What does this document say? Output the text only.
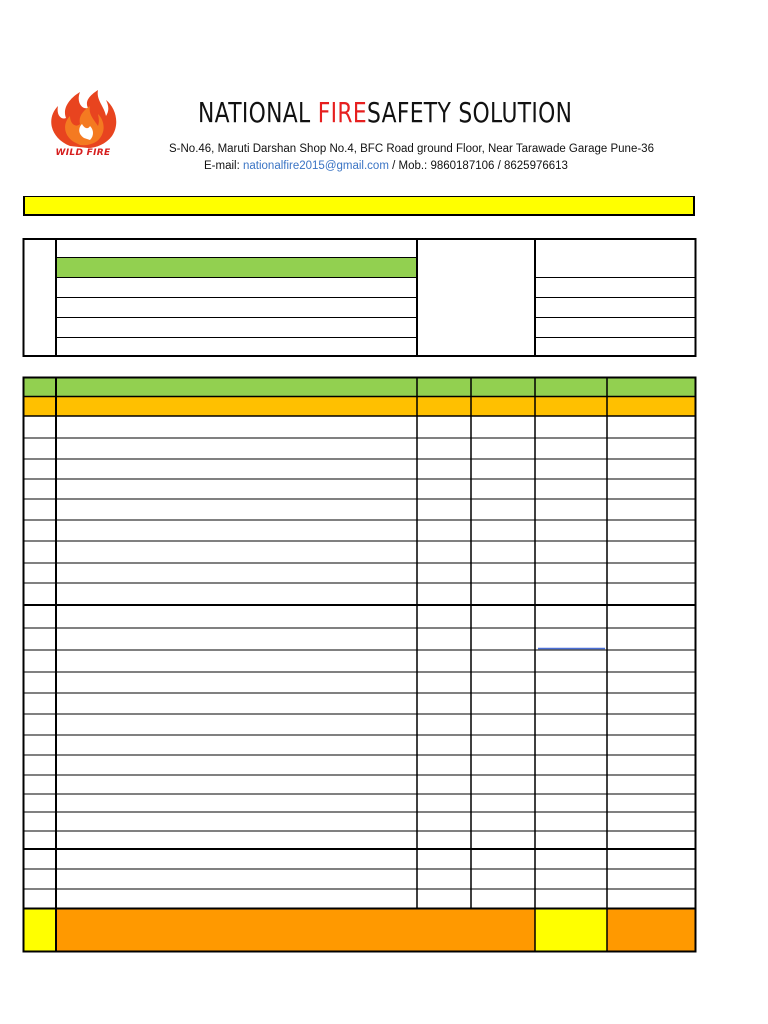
WILD FIRE
NATIONAL FIRESAFETY SOLUTION
S-No.46, Maruti Darshan Shop No.4, BFC Road ground Floor, Near Tarawade Garage Pune-36
E-mail: nationalfire2015@gmail.com / Mob.: 9860187106 / 8625976613
